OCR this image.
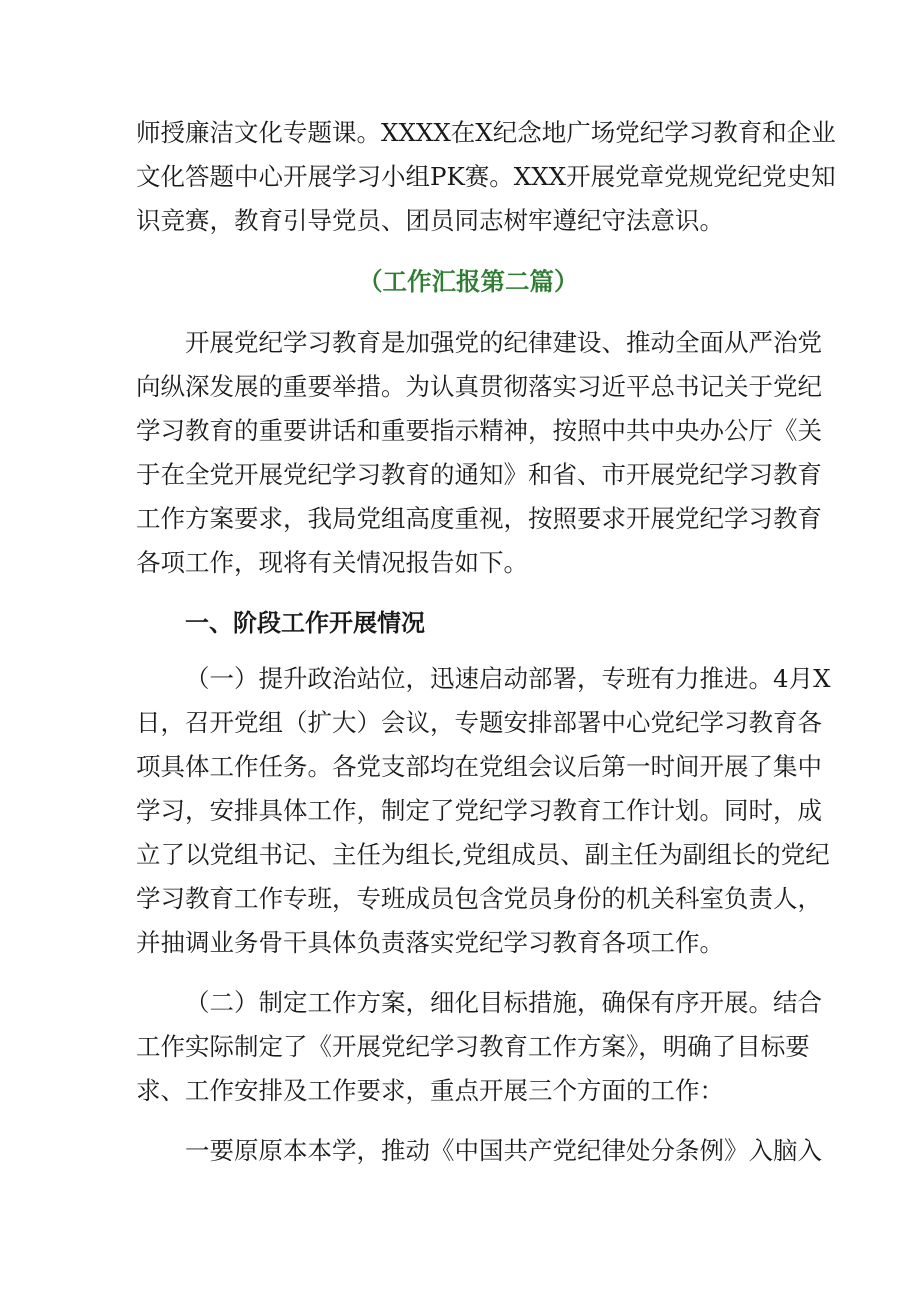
师授廉洁文化专题课。XXXX在X纪念地广场党纪学习教育和企业
文化答题中心开展学习小组PK赛。XXX开展党章党规党纪党史知
识竞赛，教育引导党员、团员同志树牢遵纪守法意识。
（工作汇报第二篇）
开展党纪学习教育是加强党的纪律建设、推动全面从严治党
向纵深发展的重要举措。为认真贯彻落实习近平总书记关于党纪
学习教育的重要讲话和重要指示精神，按照中共中央办公厅《关
于在全党开展党纪学习教育的通知》和省、市开展党纪学习教育
工作方案要求，我局党组高度重视，按照要求开展党纪学习教育
各项工作，现将有关情况报告如下。
一、阶段工作开展情况
（一）提升政治站位，迅速启动部署，专班有力推进。4月X
日，召开党组（扩大）会议，专题安排部署中心党纪学习教育各
项具体工作任务。各党支部均在党组会议后第一时间开展了集中
学习，安排具体工作，制定了党纪学习教育工作计划。同时，成
立了以党组书记、主任为组长,党组成员、副主任为副组长的党纪
学习教育工作专班，专班成员包含党员身份的机关科室负责人，
并抽调业务骨干具体负责落实党纪学习教育各项工作。
（二）制定工作方案，细化目标措施，确保有序开展。结合
工作实际制定了《开展党纪学习教育工作方案》，明确了目标要
求、工作安排及工作要求，重点开展三个方面的工作：
一要原原本本学，推动《中国共产党纪律处分条例》入脑入
